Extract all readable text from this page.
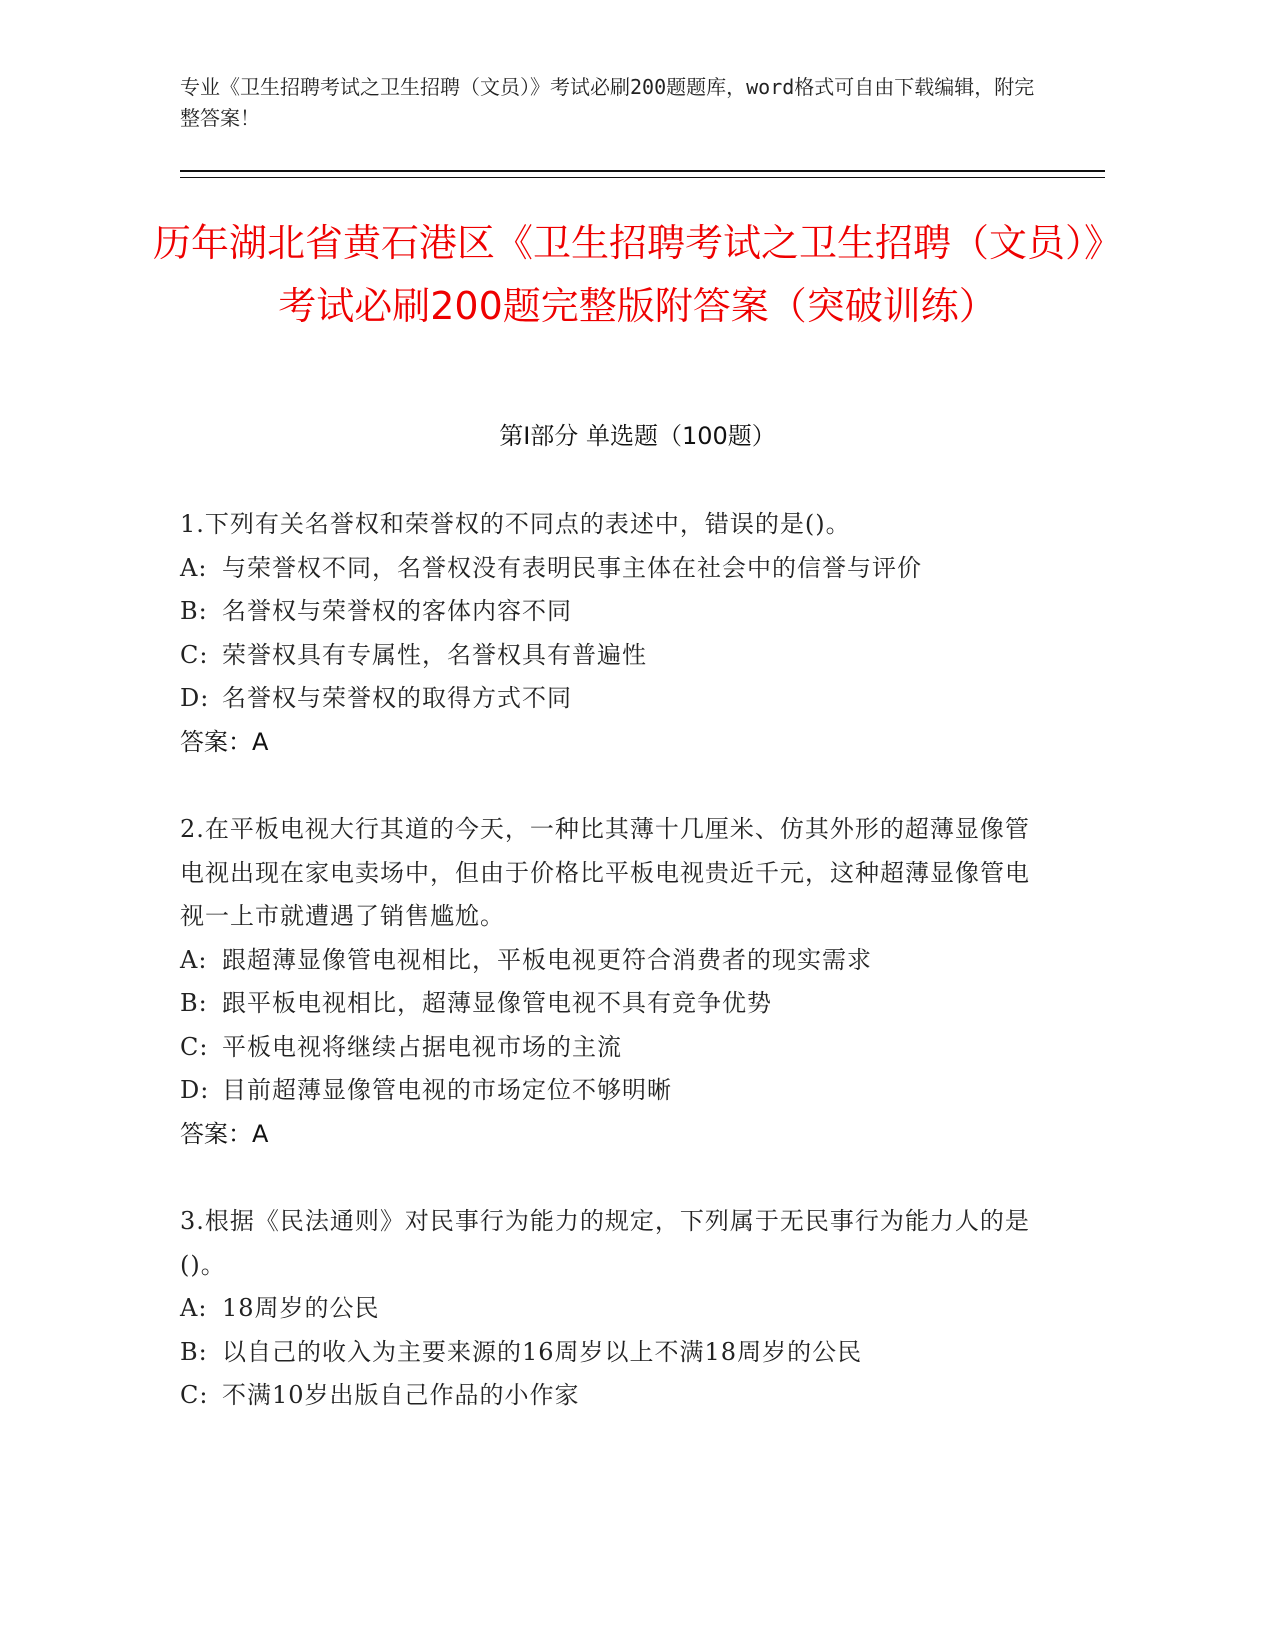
专业《卫生招聘考试之卫生招聘（文员）》考试必刷200题题库，word格式可自由下载编辑，附完整答案！

历年湖北省黄石港区《卫生招聘考试之卫生招聘（文员）》考试必刷200题完整版附答案（突破训练）
第Ⅰ部分 单选题（100题）

1.下列有关名誉权和荣誉权的不同点的表述中，错误的是()。

A: 与荣誉权不同，名誉权没有表明民事主体在社会中的信誉与评价

B: 名誉权与荣誉权的客体内容不同

C: 荣誉权具有专属性，名誉权具有普遍性

D: 名誉权与荣誉权的取得方式不同

答案：A

2.在平板电视大行其道的今天，一种比其薄十几厘米、仿其外形的超薄显像管电视出现在家电卖场中，但由于价格比平板电视贵近千元，这种超薄显像管电视一上市就遭遇了销售尴尬。

A: 跟超薄显像管电视相比，平板电视更符合消费者的现实需求

B: 跟平板电视相比，超薄显像管电视不具有竞争优势

C: 平板电视将继续占据电视市场的主流

D: 目前超薄显像管电视的市场定位不够明晰

答案：A

3.根据《民法通则》对民事行为能力的规定，下列属于无民事行为能力人的是()。

A: 18周岁的公民

B: 以自己的收入为主要来源的16周岁以上不满18周岁的公民

C: 不满10岁出版自己作品的小作家
